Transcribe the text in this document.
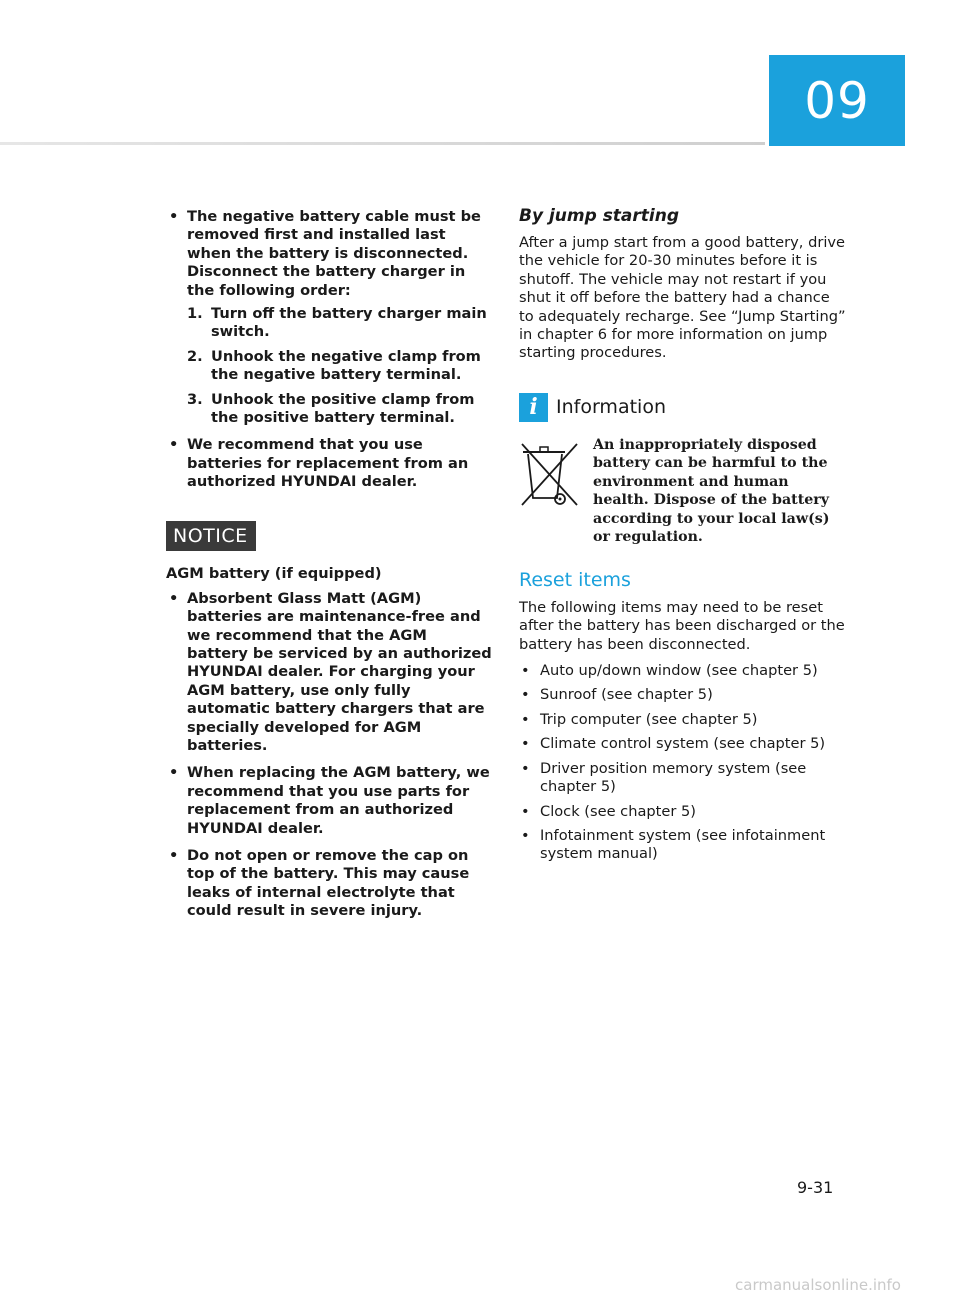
09
• The negative battery cable must be removed first and installed last when the battery is disconnected. Disconnect the battery charger in the following order:
1. Turn off the battery charger main switch.
2. Unhook the negative clamp from the negative battery terminal.
3. Unhook the positive clamp from the positive battery terminal.
• We recommend that you use batteries for replacement from an authorized HYUNDAI dealer.
NOTICE
AGM battery (if equipped)
• Absorbent Glass Matt (AGM) batteries are maintenance-free and we recommend that the AGM battery be serviced by an authorized HYUNDAI dealer. For charging your AGM battery, use only fully automatic battery chargers that are specially developed for AGM batteries.
• When replacing the AGM battery, we recommend that you use parts for replacement from an authorized HYUNDAI dealer.
• Do not open or remove the cap on top of the battery. This may cause leaks of internal electrolyte that could result in severe injury.
By jump starting

After a jump start from a good battery, drive the vehicle for 20-30 minutes before it is shutoff. The vehicle may not restart if you shut it off before the battery had a chance to adequately recharge. See “Jump Starting” in chapter 6 for more information on jump starting procedures.

i Information
An inappropriately disposed battery can be harmful to the environment and human health. Dispose of the battery according to your local law(s) or regulation.
Reset items

The following items may need to be reset after the battery has been discharged or the battery has been disconnected.

• Auto up/down window (see chapter 5)
• Sunroof (see chapter 5)
• Trip computer (see chapter 5)
• Climate control system (see chapter 5)
• Driver position memory system (see chapter 5)
• Clock (see chapter 5)
• Infotainment system (see infotainment system manual)
9-31
carmanualsonline.info
